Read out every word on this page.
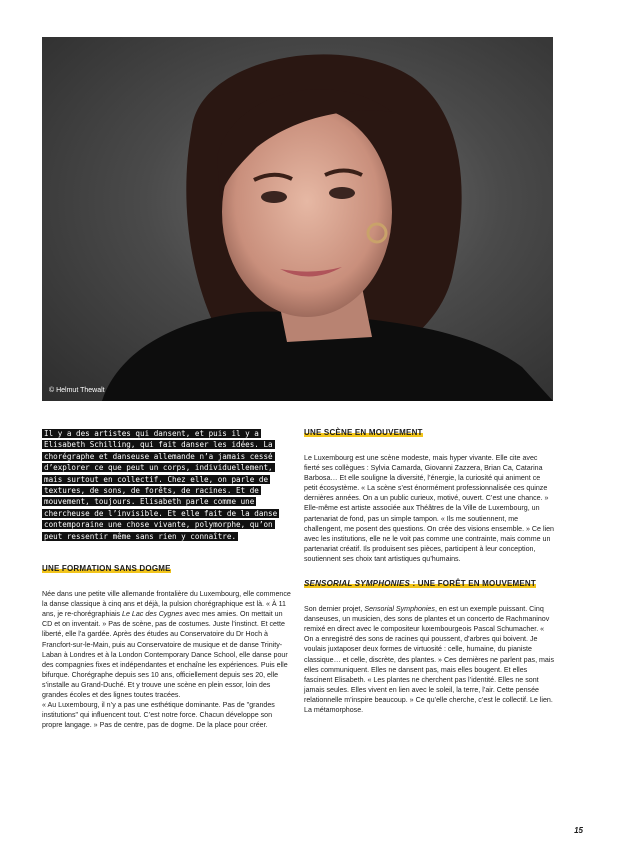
© Helmut Thewalt

Il y a des artistes qui dansent, et puis il y a Elisabeth Schilling, qui fait danser les idées. La chorégraphe et danseuse allemande n’a jamais cessé d’explorer ce que peut un corps, individuellement, mais surtout en collectif. Chez elle, on parle de textures, de sons, de forêts, de racines. Et de mouvement, toujours. Elisabeth parle comme une chercheuse de l’invisible. Et elle fait de la danse contemporaine une chose vivante, polymorphe, qu’on peut ressentir même sans rien y connaître.

UNE FORMATION SANS DOGME

Née dans une petite ville allemande frontalière du Luxembourg, elle commence la danse classique à cinq ans et déjà, la pulsion chorégraphique est là. « À 11 ans, je re-chorégraphiais Le Lac des Cygnes avec mes amies. On mettait un CD et on inventait. » Pas de scène, pas de costumes. Juste l’instinct. Et cette liberté, elle l’a gardée. Après des études au Conservatoire du Dr Hoch à Francfort-sur-le-Main, puis au Conservatoire de musique et de danse Trinity-Laban à Londres et à la London Contemporary Dance School, elle danse pour des compagnies fixes et indépendantes et enchaîne les expériences. Puis elle bifurque. Chorégraphe depuis ses 10 ans, officiellement depuis ses 20, elle s’installe au Grand-Duché. Et y trouve une scène en plein essor, loin des grandes écoles et des lignes toutes tracées.

« Au Luxembourg, il n’y a pas une esthétique dominante. Pas de "grandes institutions" qui influencent tout. C’est notre force. Chacun développe son propre langage. » Pas de centre, pas de dogme. De la place pour créer.

UNE SCÈNE EN MOUVEMENT

Le Luxembourg est une scène modeste, mais hyper vivante. Elle cite avec fierté ses collègues : Sylvia Camarda, Giovanni Zazzera, Brian Ca, Catarina Barbosa… Et elle souligne la diversité, l’énergie, la curiosité qui animent ce petit écosystème. « La scène s’est énormément professionnalisée ces quinze dernières années. On a un public curieux, motivé, ouvert. C’est une chance. » Elle-même est artiste associée aux Théâtres de la Ville de Luxembourg, un partenariat de fond, pas un simple tampon. « Ils me soutiennent, me challengent, me posent des questions. On crée des visions ensemble. » Ce lien avec les institutions, elle ne le voit pas comme une contrainte, mais comme un partenariat créatif. Ils produisent ses pièces, participent à leur conception, soutiennent ses choix tant artistiques qu’humains.

SENSORIAL SYMPHONIES : UNE FORÊT EN MOUVEMENT

Son dernier projet, Sensorial Symphonies, en est un exemple puissant. Cinq danseuses, un musicien, des sons de plantes et un concerto de Rachmaninov remixé en direct avec le compositeur luxembourgeois Pascal Schumacher. « On a enregistré des sons de racines qui poussent, d’arbres qui boivent. Je voulais juxtaposer deux formes de virtuosité : celle, humaine, du pianiste classique… et celle, discrète, des plantes. » Ces dernières ne parlent pas, mais elles communiquent. Elles ne dansent pas, mais elles bougent. Et elles fascinent Elisabeth. « Les plantes ne cherchent pas l’identité. Elles ne sont jamais seules. Elles vivent en lien avec le soleil, la terre, l’air. Cette pensée relationnelle m’inspire beaucoup. » Ce qu’elle cherche, c’est le collectif. Le lien. La métamorphose.

15
